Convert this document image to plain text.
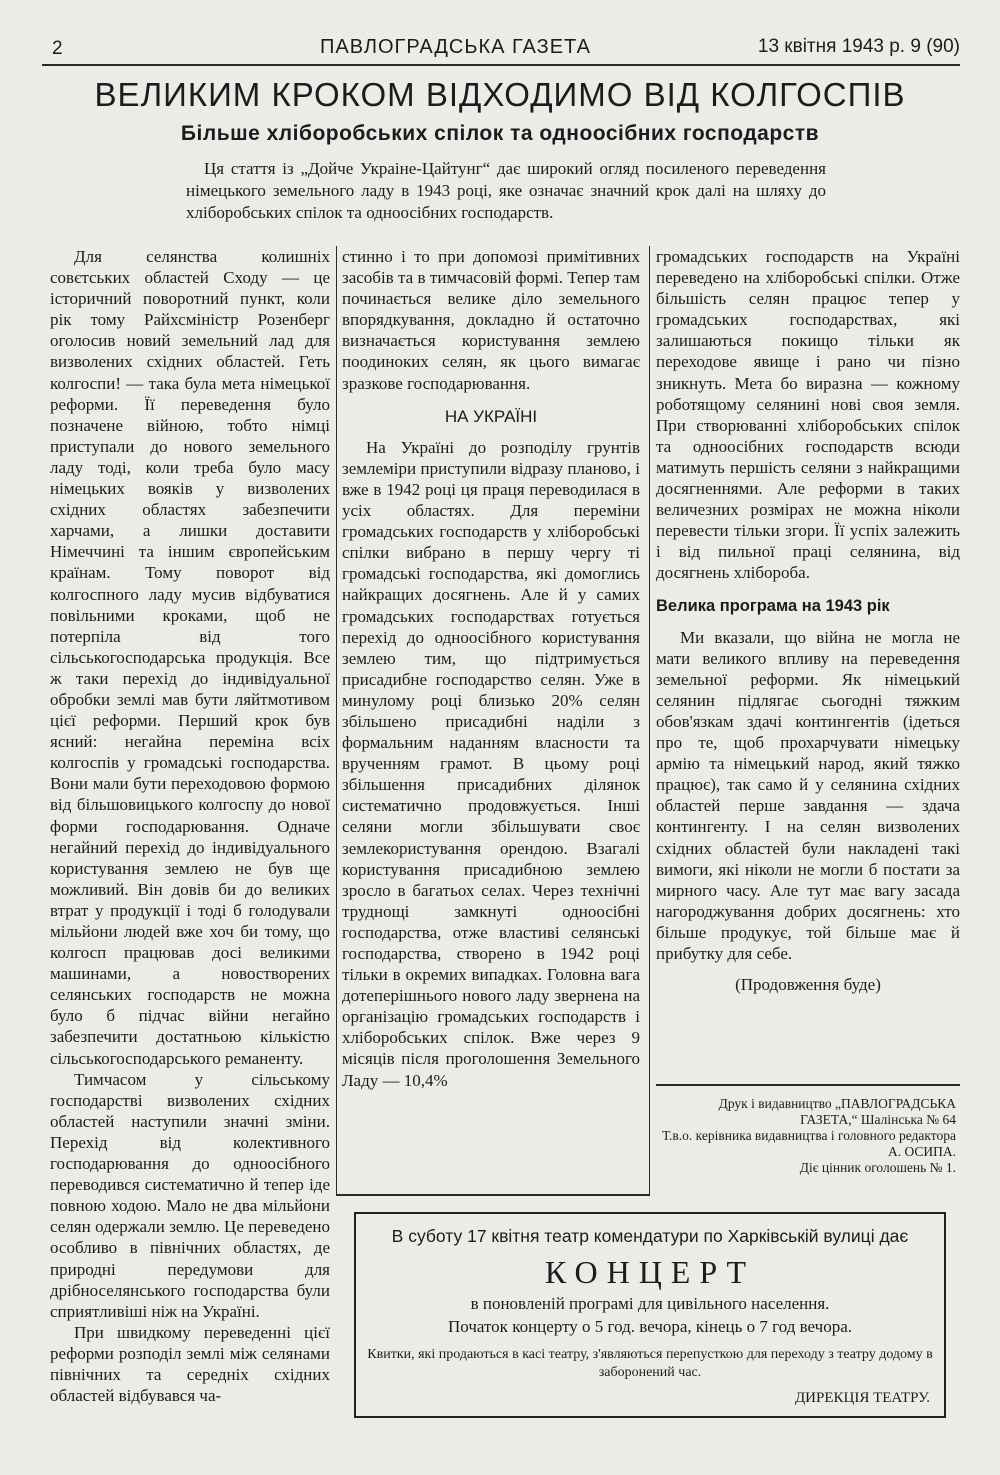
2	ПАВЛОГРАДСЬКА ГАЗЕТА	13 квітня 1943 р. 9 (90)
ВЕЛИКИМ КРОКОМ ВІДХОДИМО ВІД КОЛГОСПІВ
Більше хліборобських спілок та одноосібних господарств
Ця стаття із „Дойче Украіне-Цайтунг“ дає широкий огляд посиленого переведення німецького земельного ладу в 1943 році, яке означає значний крок далі на шляху до хліборобських спілок та одноосібних господарств.

Для селянства колишніх совєтських областей Сходу — це історичний поворотний пункт, коли рік тому Райхсміністр Розенберг оголосив новий земельний лад для визволених східних областей. Геть колгоспи! — така була мета німецької реформи. Її переведення було позначене війною, тобто німці приступали до нового земельного ладу тоді, коли треба було масу німецьких вояків у визволених східних областях забезпечити харчами, а лишки доставити Німеччині та іншим європейським країнам. Тому поворот від колгоспного ладу мусив відбуватися повільними кроками, щоб не потерпіла від того сільськогосподарська продукція. Все ж таки перехід до індивідуальної обробки землі мав бути ляйтмотивом цієї реформи. Перший крок був ясний: негайна переміна всіх колгоспів у громадські господарства. Вони мали бути переходовою формою від більшовицького колгоспу до нової форми господарювання. Одначе негайний перехід до індивідуального користування землею не був ще можливий. Він довів би до великих втрат у продукції і тоді б голодували мільйони людей вже хоч би тому, що колгосп працював досі великими машинами, а новостворених селянських господарств не можна було б підчас війни негайно забезпечити достатньою кількістю сільськогосподарського реманенту.

Тимчасом у сільському господарстві визволених східних областей наступили значні зміни. Перехід від колективного господарювання до одноосібного переводився систематично й тепер іде повною ходою. Мало не два мільйони селян одержали землю. Це переведено особливо в північних областях, де природні передумови для дрібноселянського господарства були сприятливіші ніж на Україні.

При швидкому переведенні цієї реформи розподіл землі між селянами північних та середніх східних областей відбувався ча-

стинно і то при допомозі примітивних засобів та в тимчасовій формі. Тепер там починається велике діло земельного впорядкування, докладно й остаточно визначається користування землею поодиноких селян, як цього вимагає зразкове господарювання.

НА УКРАЇНІ

На Україні до розподілу грунтів землеміри приступили відразу планово, і вже в 1942 році ця праця переводилася в усіх областях. Для переміни громадських господарств у хліборобські спілки вибрано в першу чергу ті громадські господарства, які домоглись найкращих досягнень. Але й у самих громадських господарствах готується перехід до одноосібного користування землею тим, що підтримується присадибне господарство селян. Уже в минулому році близько 20% селян збільшено присадибні наділи з формальним наданням власности та врученням грамот. В цьому році збільшення присадибних ділянок систематично продовжується. Інші селяни могли збільшувати своє землекористування орендою. Взагалі користування присадибною землею зросло в багатьох селах. Через технічні труднощі замкнуті одноосібні господарства, отже властиві селянські господарства, створено в 1942 році тільки в окремих випадках. Головна вага дотеперішнього нового ладу звернена на організацію громадських господарств і хліборобських спілок. Вже через 9 місяців після проголошення Земельного Ладу — 10,4%

громадських господарств на Україні переведено на хліборобські спілки. Отже більшість селян працює тепер у громадських господарствах, які залишаються покищо тільки як переходове явище і рано чи пізно зникнуть. Мета бо виразна — кожному роботящому селянині нові своя земля. При створюванні хліборобських спілок та одноосібних господарств всюди матимуть першість селяни з найкращими досягненнями. Але реформи в таких величезних розмірах не можна ніколи перевести тільки згори. Її успіх залежить і від пильної праці селянина, від досягнень хлібороба.

Велика програма на 1943 рік

Ми вказали, що війна не могла не мати великого впливу на переведення земельної реформи. Як німецький селянин підлягає сьогодні тяжким обов'язкам здачі контингентів (ідеться про те, щоб прохарчувати німецьку армію та німецький народ, який тяжко працює), так само й у селянина східних областей перше завдання — здача контингенту. І на селян визволених східних областей були накладені такі вимоги, які ніколи не могли б постати за мирного часу. Але тут має вагу засада нагороджування добрих досягнень: хто більше продукує, той більше має й прибутку для себе.

(Продовження буде)

Друк і видавництво „ПАВЛОГРАДСЬКА ГАЗЕТА,“ Шалінська № 64
Т.в.о. керівника видавництва і головного редактора А. ОСИПА.
Діє цінник оголошень № 1.
В суботу 17 квітня театр комендатури по Харківській вулиці дає
КОНЦЕРТ
в поновленій програмі для цивільного населення.
Початок концерту о 5 год. вечора, кінець о 7 год вечора.
Квитки, які продаються в касі театру, з'являються перепусткою для переходу з театру додому в заборонений час.
ДИРЕКЦІЯ ТЕАТРУ.
